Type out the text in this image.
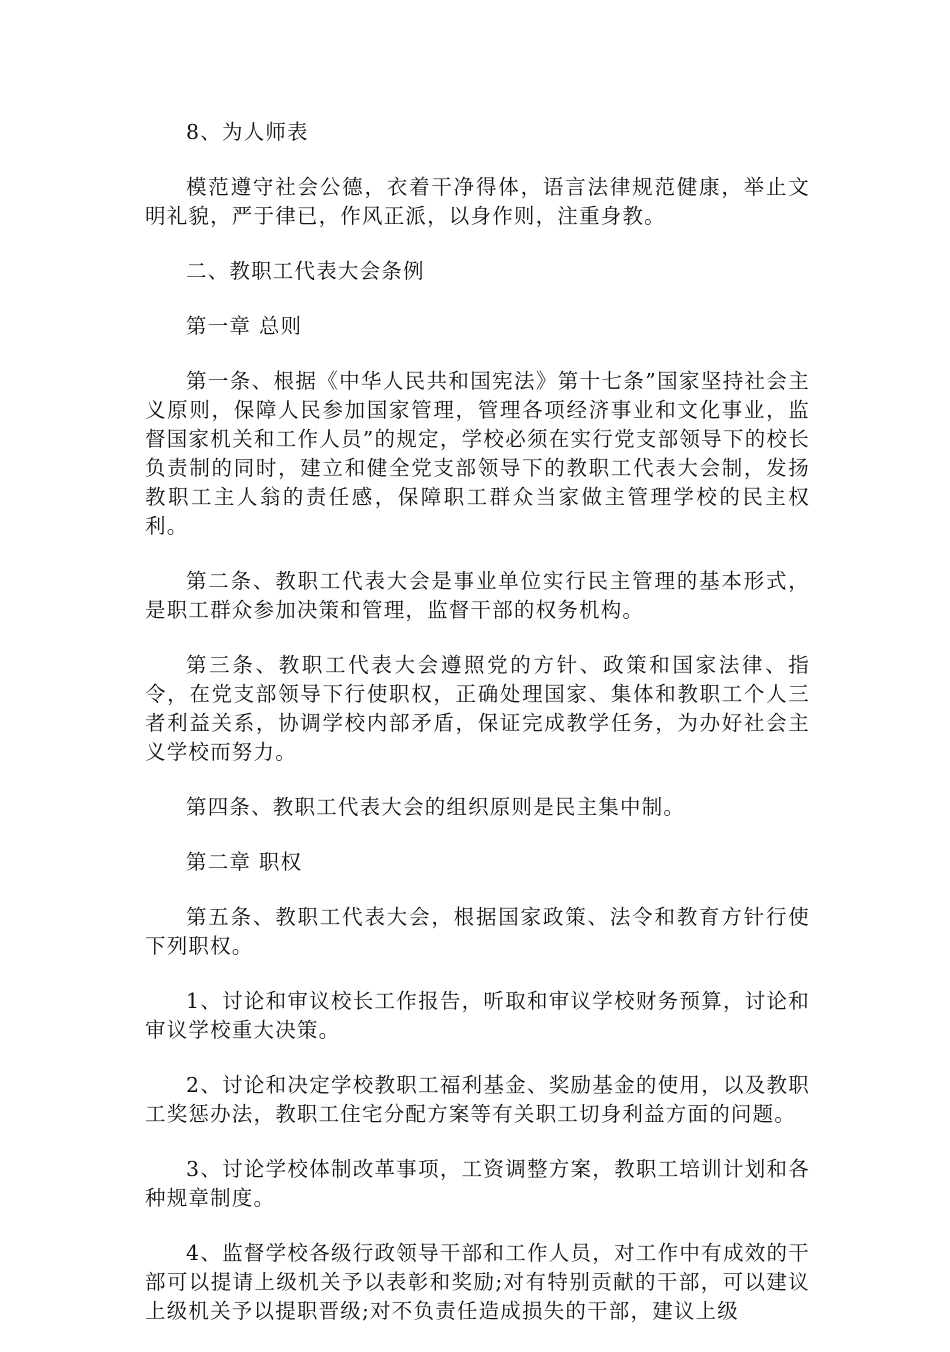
8、为人师表

模范遵守社会公德，衣着干净得体，语言法律规范健康，举止文明礼貌，严于律已，作风正派，以身作则，注重身教。

二、教职工代表大会条例

第一章 总则

第一条、根据《中华人民共和国宪法》第十七条”国家坚持社会主义原则，保障人民参加国家管理，管理各项经济事业和文化事业，监督国家机关和工作人员”的规定，学校必须在实行党支部领导下的校长负责制的同时，建立和健全党支部领导下的教职工代表大会制，发扬教职工主人翁的责任感，保障职工群众当家做主管理学校的民主权利。

第二条、教职工代表大会是事业单位实行民主管理的基本形式，是职工群众参加决策和管理，监督干部的权务机构。

第三条、教职工代表大会遵照党的方针、政策和国家法律、指令，在党支部领导下行使职权，正确处理国家、集体和教职工个人三者利益关系，协调学校内部矛盾，保证完成教学任务，为办好社会主义学校而努力。

第四条、教职工代表大会的组织原则是民主集中制。

第二章 职权

第五条、教职工代表大会，根据国家政策、法令和教育方针行使下列职权。

1、讨论和审议校长工作报告，听取和审议学校财务预算，讨论和审议学校重大决策。

2、讨论和决定学校教职工福利基金、奖励基金的使用，以及教职工奖惩办法，教职工住宅分配方案等有关职工切身利益方面的问题。

3、讨论学校体制改革事项，工资调整方案，教职工培训计划和各种规章制度。

4、监督学校各级行政领导干部和工作人员，对工作中有成效的干部可以提请上级机关予以表彰和奖励;对有特别贡献的干部，可以建议上级机关予以提职晋级;对不负责任造成损失的干部，建议上级
